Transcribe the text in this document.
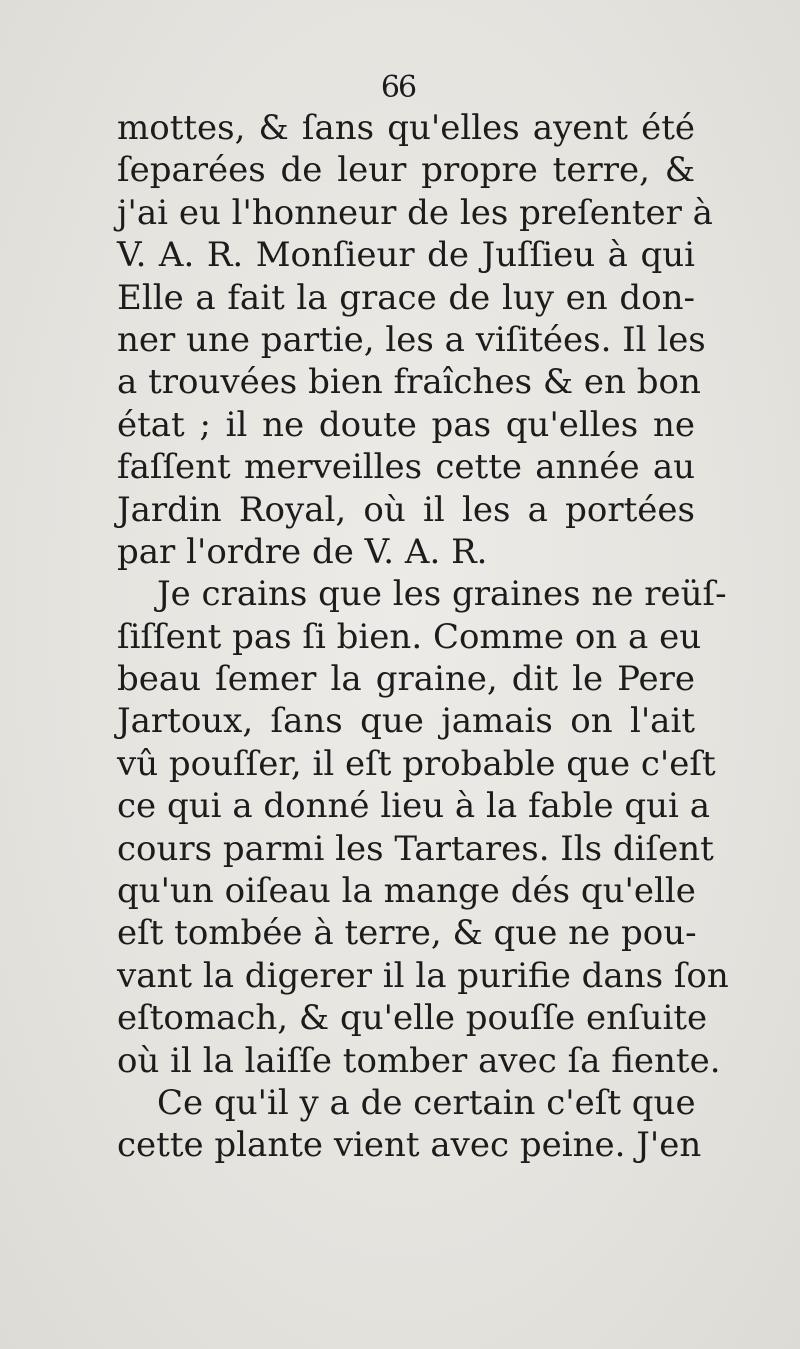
66
mottes, & ſans qu'elles ayent été
ſeparées de leur propre terre, &
j'ai eu l'honneur de les preſenter à
V. A. R. Monſieur de Juſſieu à qui
Elle a fait la grace de luy en don-
ner une partie, les a viſitées. Il les
a trouvées bien fraîches & en bon
état ; il ne doute pas qu'elles ne
faſſent merveilles cette année au
Jardin Royal, où il les a portées
par l'ordre de V. A. R.
Je crains que les graines ne reüſ-
ſiſſent pas ſi bien. Comme on a eu
beau ſemer la graine, dit le Pere
Jartoux, ſans que jamais on l'ait
vû pouſſer, il eſt probable que c'eſt
ce qui a donné lieu à la fable qui a
cours parmi les Tartares. Ils diſent
qu'un oiſeau la mange dés qu'elle
eſt tombée à terre, & que ne pou-
vant la digerer il la purifie dans ſon
eſtomach, & qu'elle pouſſe enſuite
où il la laiſſe tomber avec ſa fiente.
Ce qu'il y a de certain c'eſt que
cette plante vient avec peine. J'en
